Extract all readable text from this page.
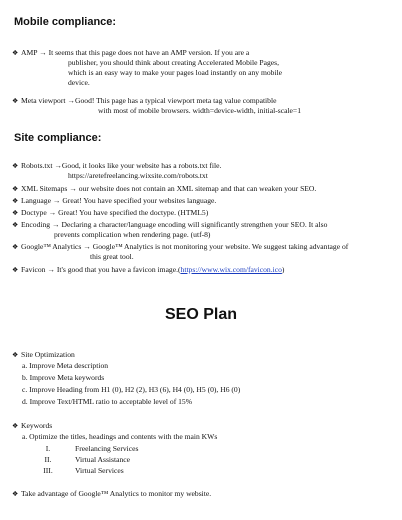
Mobile compliance:
❖ AMP → It seems that this page does not have an AMP version. If you are a
publisher, you should think about creating Accelerated Mobile Pages,
which is an easy way to make your pages load instantly on any mobile
device.
❖ Meta viewport →Good! This page has a typical viewport meta tag value compatible
with most of mobile browsers. width=device-width, initial-scale=1
Site compliance:
❖ Robots.txt →Good, it looks like your website has a robots.txt file.
https://aretefreelancing.wixsite.com/robots.txt
❖ XML Sitemaps → our website does not contain an XML sitemap and that can weaken your SEO.
❖ Language → Great! You have specified your websites language.
❖ Doctype → Great! You have specified the doctype. (HTML5)
❖ Encoding → Declaring a character/language encoding will significantly strengthen your SEO. It also
prevents complication when rendering page. (utf-8)
❖ Google™ Analytics → Google™ Analytics is not monitoring your website. We suggest taking advantage of
this great tool.
❖ Favicon → It's good that you have a favicon image.(https://www.wix.com/favicon.ico)
SEO Plan
❖ Site Optimization
a. Improve Meta description
b. Improve Meta keywords
c. Improve Heading from H1 (0), H2 (2), H3 (6), H4 (0), H5 (0), H6 (0)
d. Improve Text/HTML ratio to acceptable level of 15%
❖ Keywords
a. Optimize the titles, headings and contents with the main KWs
I.	Freelancing Services
II.	Virtual Assistance
III.	Virtual Services
❖ Take advantage of Google™ Analytics to monitor my website.
